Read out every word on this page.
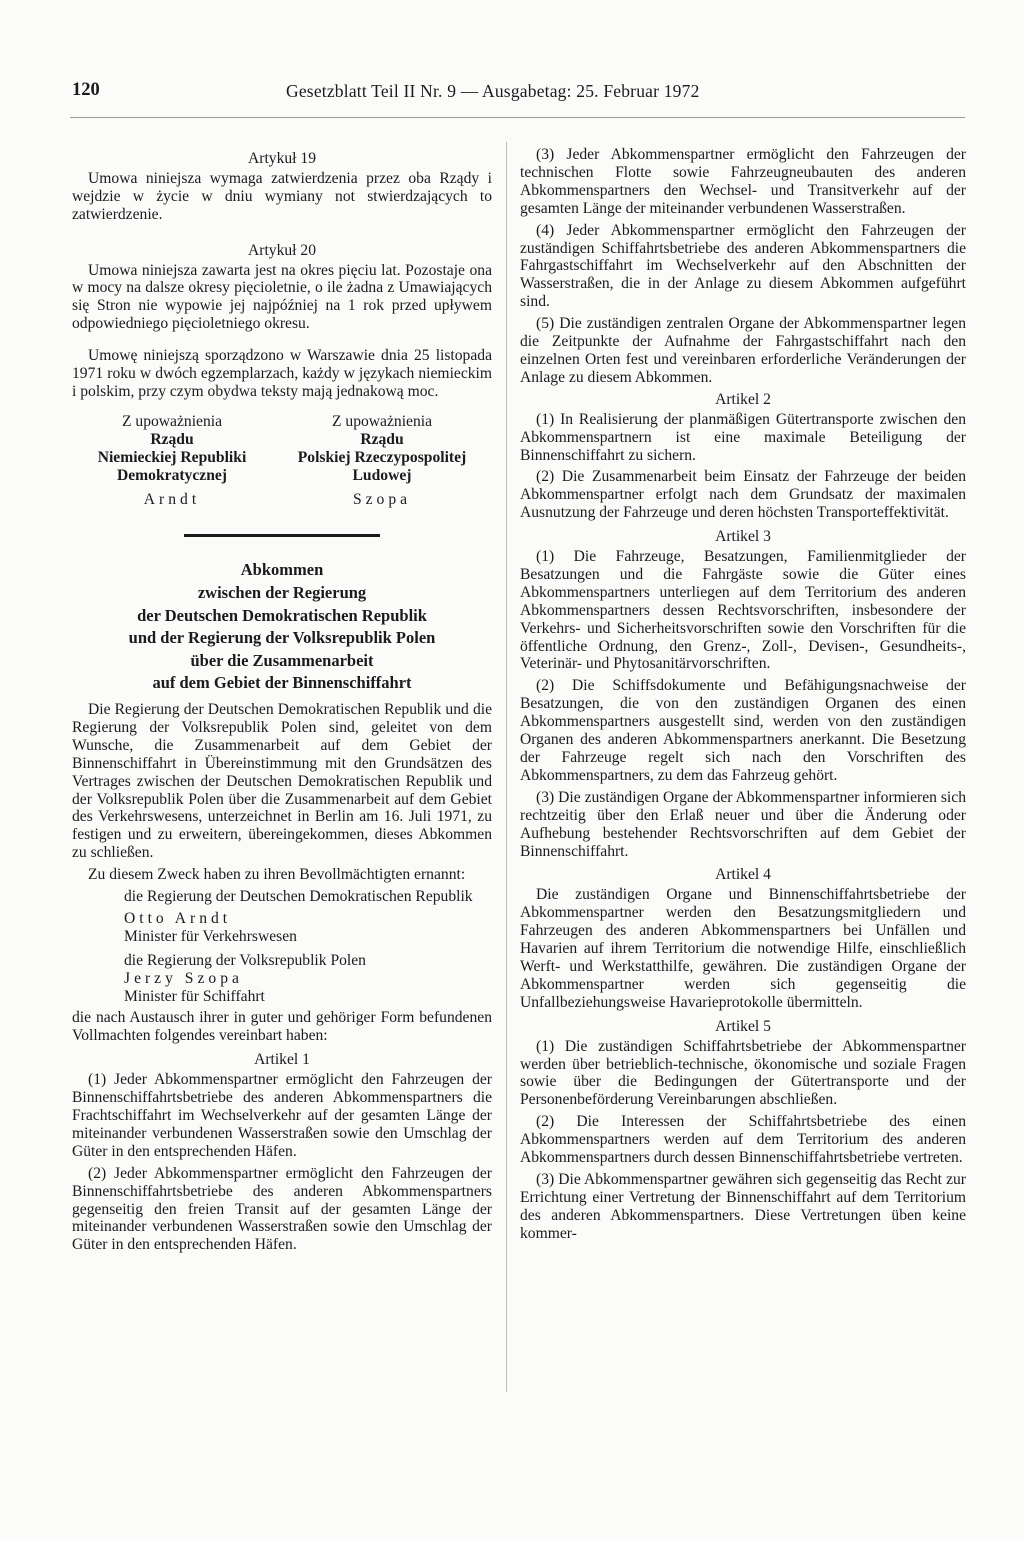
120	Gesetzblatt Teil II Nr. 9 — Ausgabetag: 25. Februar 1972

Artykuł 19

Umowa niniejsza wymaga zatwierdzenia przez oba Rządy i wejdzie w życie w dniu wymiany not stwierdzających to zatwierdzenie.

Artykuł 20

Umowa niniejsza zawarta jest na okres pięciu lat. Pozostaje ona w mocy na dalsze okresy pięcioletnie, o ile żadna z Umawiających się Stron nie wypowie jej najpóźniej na 1 rok przed upływem odpowiedniego pięcioletniego okresu.

Umowę niniejszą sporządzono w Warszawie dnia 25 listopada 1971 roku w dwóch egzemplarzach, każdy w językach niemieckim i polskim, przy czym obydwa teksty mają jednakową moc.

Z upoważnienia
Rządu
Niemieckiej Republiki
Demokratycznej
Arndt
Z upoważnienia
Rządu
Polskiej Rzeczypospolitej
Ludowej
Szopa
Abkommen
zwischen der Regierung
der Deutschen Demokratischen Republik
und der Regierung der Volksrepublik Polen
über die Zusammenarbeit
auf dem Gebiet der Binnenschiffahrt

Die Regierung der Deutschen Demokratischen Republik und die Regierung der Volksrepublik Polen sind, geleitet von dem Wunsche, die Zusammenarbeit auf dem Gebiet der Binnenschiffahrt in Übereinstimmung mit den Grundsätzen des Vertrages zwischen der Deutschen Demokratischen Republik und der Volksrepublik Polen über die Zusammenarbeit auf dem Gebiet des Verkehrswesens, unterzeichnet in Berlin am 16. Juli 1971, zu festigen und zu erweitern, übereingekommen, dieses Abkommen zu schließen.

Zu diesem Zweck haben zu ihren Bevollmächtigten ernannt:

die Regierung der Deutschen Demokratischen Republik

Otto Arndt

Minister für Verkehrswesen

die Regierung der Volksrepublik Polen

Jerzy Szopa

Minister für Schiffahrt

die nach Austausch ihrer in guter und gehöriger Form befundenen Vollmachten folgendes vereinbart haben:

Artikel 1

(1) Jeder Abkommenspartner ermöglicht den Fahrzeugen der Binnenschiffahrtsbetriebe des anderen Abkommenspartners die Frachtschiffahrt im Wechselverkehr auf der gesamten Länge der miteinander verbundenen Wasserstraßen sowie den Umschlag der Güter in den entsprechenden Häfen.

(2) Jeder Abkommenspartner ermöglicht den Fahrzeugen der Binnenschiffahrtsbetriebe des anderen Abkommenspartners gegenseitig den freien Transit auf der gesamten Länge der miteinander verbundenen Wasserstraßen sowie den Umschlag der Güter in den entsprechenden Häfen.

(3) Jeder Abkommenspartner ermöglicht den Fahrzeugen der technischen Flotte sowie Fahrzeugneubauten des anderen Abkommenspartners den Wechsel- und Transitverkehr auf der gesamten Länge der miteinander verbundenen Wasserstraßen.

(4) Jeder Abkommenspartner ermöglicht den Fahrzeugen der zuständigen Schiffahrtsbetriebe des anderen Abkommenspartners die Fahrgastschiffahrt im Wechselverkehr auf den Abschnitten der Wasserstraßen, die in der Anlage zu diesem Abkommen aufgeführt sind.

(5) Die zuständigen zentralen Organe der Abkommenspartner legen die Zeitpunkte der Aufnahme der Fahrgastschiffahrt nach den einzelnen Orten fest und vereinbaren erforderliche Veränderungen der Anlage zu diesem Abkommen.

Artikel 2

(1) In Realisierung der planmäßigen Gütertransporte zwischen den Abkommenspartnern ist eine maximale Beteiligung der Binnenschiffahrt zu sichern.

(2) Die Zusammenarbeit beim Einsatz der Fahrzeuge der beiden Abkommenspartner erfolgt nach dem Grundsatz der maximalen Ausnutzung der Fahrzeuge und deren höchsten Transporteffektivität.

Artikel 3

(1) Die Fahrzeuge, Besatzungen, Familienmitglieder der Besatzungen und die Fahrgäste sowie die Güter eines Abkommenspartners unterliegen auf dem Territorium des anderen Abkommenspartners dessen Rechtsvorschriften, insbesondere der Verkehrs- und Sicherheitsvorschriften sowie den Vorschriften für die öffentliche Ordnung, den Grenz-, Zoll-, Devisen-, Gesundheits-, Veterinär- und Phytosanitärvorschriften.

(2) Die Schiffsdokumente und Befähigungsnachweise der Besatzungen, die von den zuständigen Organen des einen Abkommenspartners ausgestellt sind, werden von den zuständigen Organen des anderen Abkommenspartners anerkannt. Die Besetzung der Fahrzeuge regelt sich nach den Vorschriften des Abkommenspartners, zu dem das Fahrzeug gehört.

(3) Die zuständigen Organe der Abkommenspartner informieren sich rechtzeitig über den Erlaß neuer und über die Änderung oder Aufhebung bestehender Rechtsvorschriften auf dem Gebiet der Binnenschiffahrt.

Artikel 4

Die zuständigen Organe und Binnenschiffahrtsbetriebe der Abkommenspartner werden den Besatzungsmitgliedern und Fahrzeugen des anderen Abkommenspartners bei Unfällen und Havarien auf ihrem Territorium die notwendige Hilfe, einschließlich Werft- und Werkstatthilfe, gewähren. Die zuständigen Organe der Abkommenspartner werden sich gegenseitig die Unfallbeziehungsweise Havarieprotokolle übermitteln.

Artikel 5

(1) Die zuständigen Schiffahrtsbetriebe der Abkommenspartner werden über betrieblich-technische, ökonomische und soziale Fragen sowie über die Bedingungen der Gütertransporte und der Personenbeförderung Vereinbarungen abschließen.

(2) Die Interessen der Schiffahrtsbetriebe des einen Abkommenspartners werden auf dem Territorium des anderen Abkommenspartners durch dessen Binnenschiffahrtsbetriebe vertreten.

(3) Die Abkommenspartner gewähren sich gegenseitig das Recht zur Errichtung einer Vertretung der Binnenschiffahrt auf dem Territorium des anderen Abkommenspartners. Diese Vertretungen üben keine kommer-
